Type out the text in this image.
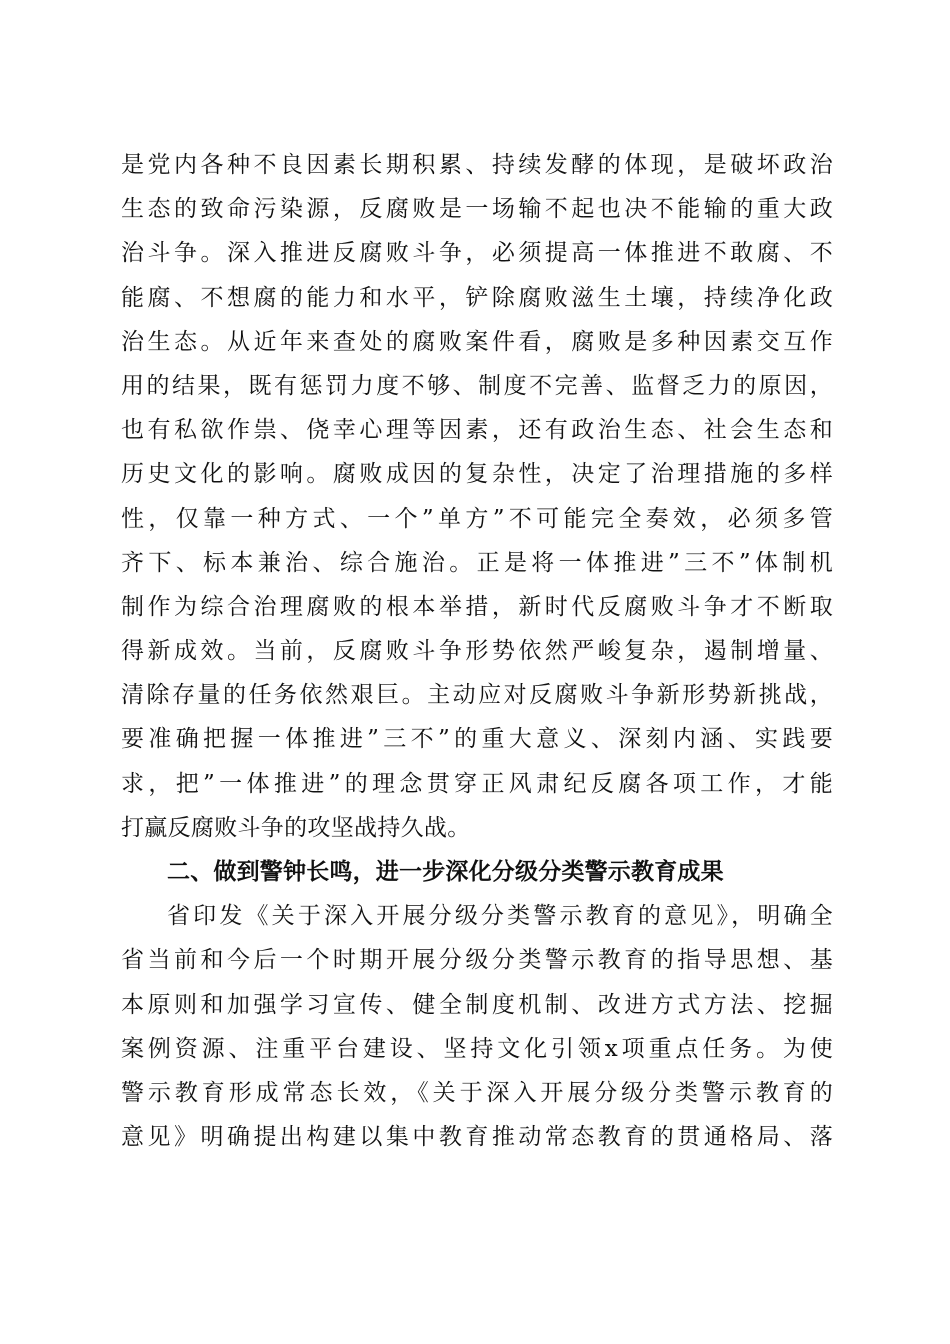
是党内各种不良因素长期积累、持续发酵的体现，是破坏政治
生态的致命污染源，反腐败是一场输不起也决不能输的重大政
治斗争。深入推进反腐败斗争，必须提高一体推进不敢腐、不
能腐、不想腐的能力和水平，铲除腐败滋生土壤，持续净化政
治生态。从近年来查处的腐败案件看，腐败是多种因素交互作
用的结果，既有惩罚力度不够、制度不完善、监督乏力的原因，
也有私欲作祟、侥幸心理等因素，还有政治生态、社会生态和
历史文化的影响。腐败成因的复杂性，决定了治理措施的多样
性，仅靠一种方式、一个”单方”不可能完全奏效，必须多管
齐下、标本兼治、综合施治。正是将一体推进”三不”体制机
制作为综合治理腐败的根本举措，新时代反腐败斗争才不断取
得新成效。当前，反腐败斗争形势依然严峻复杂，遏制增量、
清除存量的任务依然艰巨。主动应对反腐败斗争新形势新挑战，
要准确把握一体推进”三不”的重大意义、深刻内涵、实践要
求，把”一体推进”的理念贯穿正风肃纪反腐各项工作，才能
打赢反腐败斗争的攻坚战持久战。
二、做到警钟长鸣，进一步深化分级分类警示教育成果
省印发《关于深入开展分级分类警示教育的意见》，明确全
省当前和今后一个时期开展分级分类警示教育的指导思想、基
本原则和加强学习宣传、健全制度机制、改进方式方法、挖掘
案例资源、注重平台建设、坚持文化引领x项重点任务。为使
警示教育形成常态长效，《关于深入开展分级分类警示教育的
意见》明确提出构建以集中教育推动常态教育的贯通格局、落
